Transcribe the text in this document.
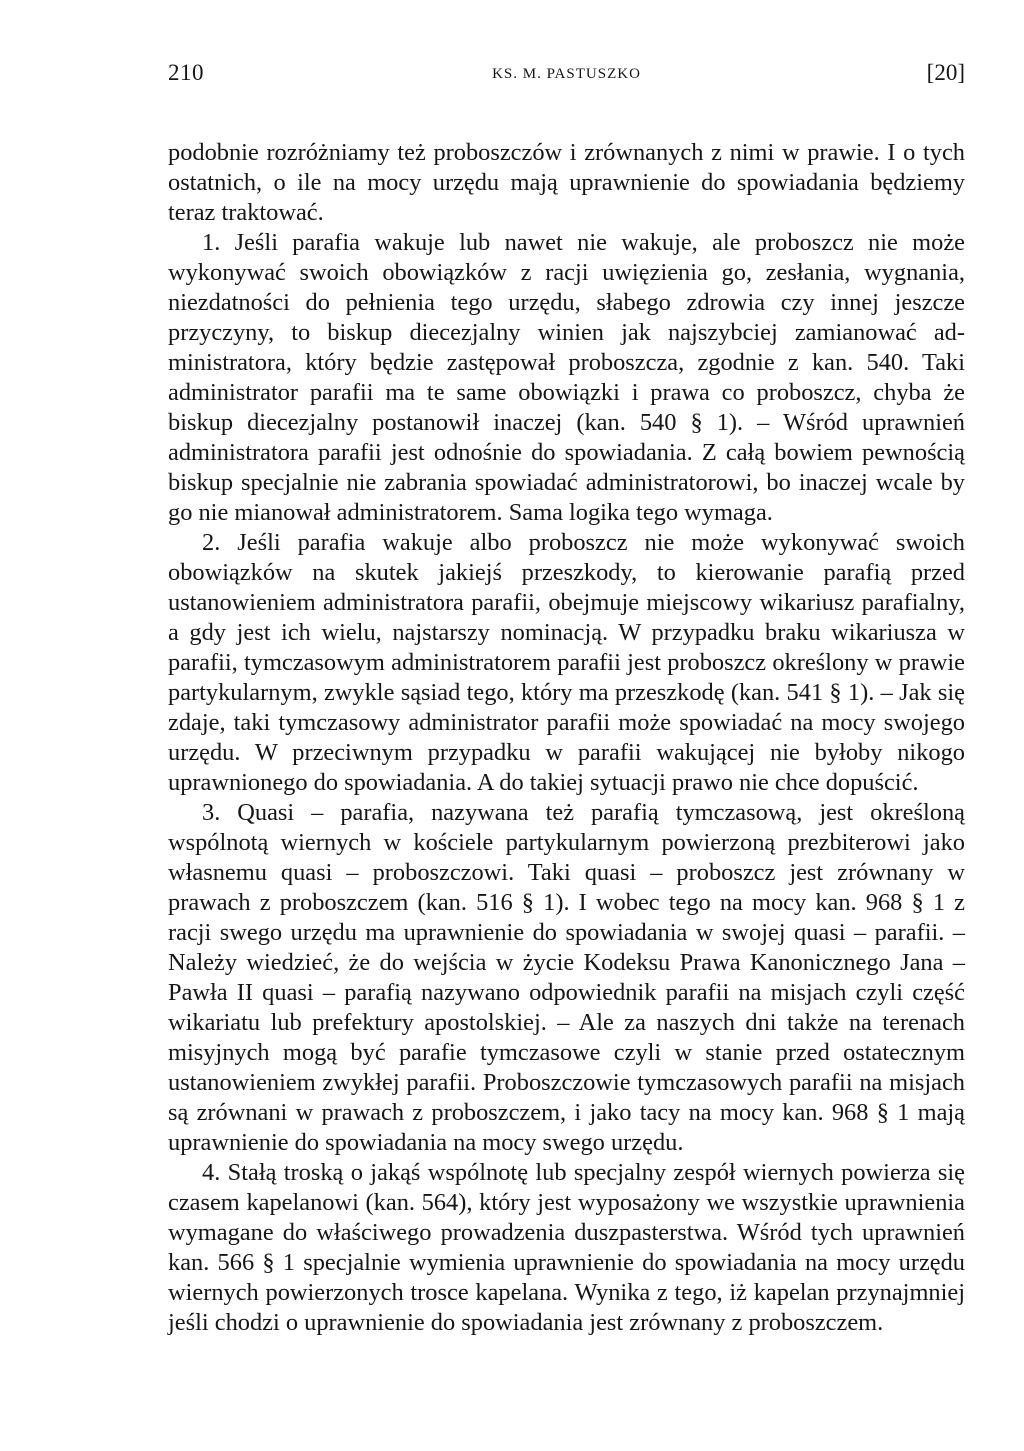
210	KS. M. PASTUSZKO	[20]

podobnie rozróżniamy też proboszczów i zrównanych z nimi w prawie. I o tych ostatnich, o ile na mocy urzędu mają uprawnienie do spowiadania będziemy teraz traktować.

1. Jeśli parafia wakuje lub nawet nie wakuje, ale proboszcz nie może wykonywać swoich obowiązków z racji uwięzienia go, zesłania, wygnania, niezdatności do pełnienia tego urzędu, słabego zdrowia czy innej jeszcze przyczyny, to biskup diecezjalny winien jak najszybciej zamianować administratora, który będzie zastępował proboszcza, zgodnie z kan. 540. Taki administrator parafii ma te same obowiązki i prawa co proboszcz, chyba że biskup diecezjalny postanowił inaczej (kan. 540 § 1). – Wśród uprawnień administratora parafii jest odnośnie do spowiadania. Z całą bowiem pewnością biskup specjalnie nie zabrania spowiadać administratorowi, bo inaczej wcale by go nie mianował administratorem. Sama logika tego wymaga.

2. Jeśli parafia wakuje albo proboszcz nie może wykonywać swoich obowiązków na skutek jakiejś przeszkody, to kierowanie parafią przed ustanowieniem administratora parafii, obejmuje miejscowy wikariusz parafialny, a gdy jest ich wielu, najstarszy nominacją. W przypadku braku wikariusza w parafii, tymczasowym administratorem parafii jest proboszcz określony w prawie partykularnym, zwykle sąsiad tego, który ma przeszkodę (kan. 541 § 1). – Jak się zdaje, taki tymczasowy administrator parafii może spowiadać na mocy swojego urzędu. W przeciwnym przypadku w parafii wakującej nie byłoby nikogo uprawnionego do spowiadania. A do takiej sytuacji prawo nie chce dopuścić.

3. Quasi – parafia, nazywana też parafią tymczasową, jest określoną wspólnotą wiernych w kościele partykularnym powierzoną prezbiterowi jako własnemu quasi – proboszczowi. Taki quasi – proboszcz jest zrównany w prawach z proboszczem (kan. 516 § 1). I wobec tego na mocy kan. 968 § 1 z racji swego urzędu ma uprawnienie do spowiadania w swojej quasi – parafii. – Należy wiedzieć, że do wejścia w życie Kodeksu Prawa Kanonicznego Jana – Pawła II quasi – parafią nazywano odpowiednik parafii na misjach czyli część wikariatu lub prefektury apostolskiej. – Ale za naszych dni także na terenach misyjnych mogą być parafie tymczasowe czyli w stanie przed ostatecznym ustanowieniem zwykłej parafii. Proboszczowie tymczasowych parafii na misjach są zrównani w prawach z proboszczem, i jako tacy na mocy kan. 968 § 1 mają uprawnienie do spowiadania na mocy swego urzędu.

4. Stałą troską o jakąś wspólnotę lub specjalny zespół wiernych powierza się czasem kapelanowi (kan. 564), który jest wyposażony we wszystkie uprawnienia wymagane do właściwego prowadzenia duszpasterstwa. Wśród tych uprawnień kan. 566 § 1 specjalnie wymienia uprawnienie do spowiadania na mocy urzędu wiernych powierzonych trosce kapelana. Wynika z tego, iż kapelan przynajmniej jeśli chodzi o uprawnienie do spowiadania jest zrównany z proboszczem.
